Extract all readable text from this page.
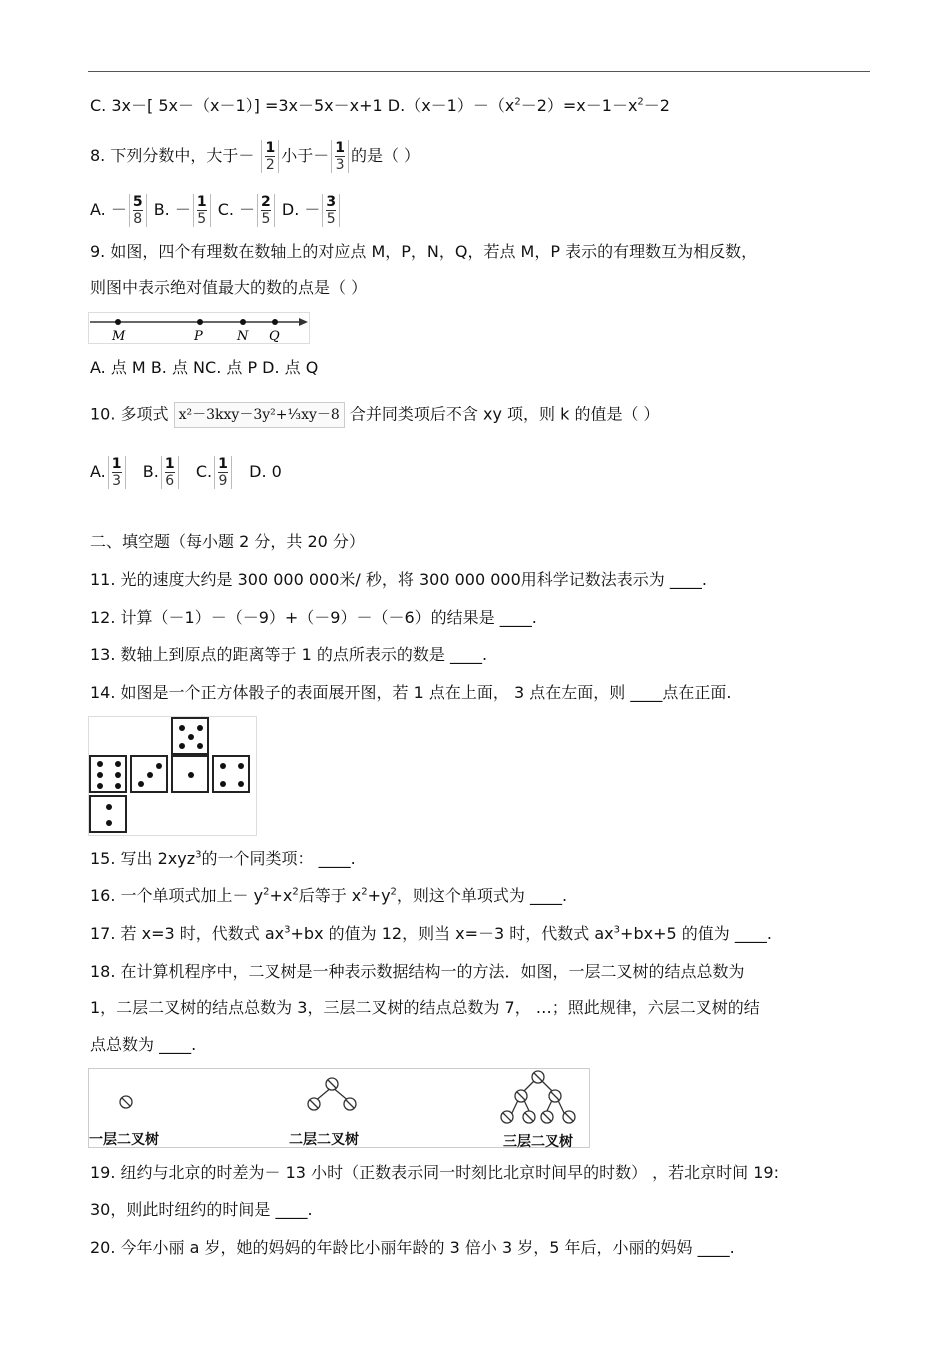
C. 3x－[ 5x－（x－1）] =3x－5x－x+1 $D.(x-1)-(x^2-2)=x-1-x^2-2$
8. 下列分数中，大于－ $\frac{1}{2}$ 小于－ $\frac{1}{3}$ 的是（ ）
A. － $\frac{5}{8} B$. － $\frac{1}{5} C$. － $\frac{2}{5} D$. － $\frac{3}{5}$
9. 如图，四个有理数在数轴上的对应点 M，P，N，Q，若点 M，P 表示的有理数互为相反数，
则图中表示绝对值最大的数的点是（ ）
M	P	N Q
A. 点 M B. 点 NC. 点 P D. 点 Q
10. 多项式 x²－3kxy－3y²+⅓xy－8 合并同类项后不含 xy 项，则 k 的值是（ ）
A. $\frac{1}{3} B$. $\frac{1}{6} C$. $\frac{1}{9} D$. 0
二、填空题（每小题 2 分，共 20 分）
11. 光的速度大约是 300 000 000米/ 秒，将 300 000 000用科学记数法表示为 ____.
12. 计算（－1）－（－9）+（－9）－（－6）的结果是 ____.
13. 数轴上到原点的距离等于 1 的点所表示的数是 ____.
14. 如图是一个正方体骰子的表面展开图，若 1 点在上面， 3 点在左面，则 ____点在正面.
15. 写出 2xyz$^3$的一个同类项： ____.
16. 一个单项式加上－ $y^2+x^2$后等于 $x^2+y^2$，则这个单项式为 ____.
17. 若 x=3 时，代数式 $ax^3+bx$ 的值为 12，则当 x=－3 时，代数式 $ax^3+bx+5$ 的值为 ____.
18. 在计算机程序中，二叉树是一种表示数据结构一的方法．如图，一层二叉树的结点总数为
1，二层二叉树的结点总数为 3，三层二叉树的结点总数为 7， …；照此规律，六层二叉树的结
点总数为 ____.
一层二叉树	二层二叉树	三层二叉树
19. 纽约与北京的时差为－ 13 小时（正数表示同一时刻比北京时间早的时数） ，若北京时间 19:
30，则此时纽约的时间是 ____.
20. 今年小丽 a 岁，她的妈妈的年龄比小丽年龄的 3 倍小 3 岁，5 年后，小丽的妈妈 ____.
